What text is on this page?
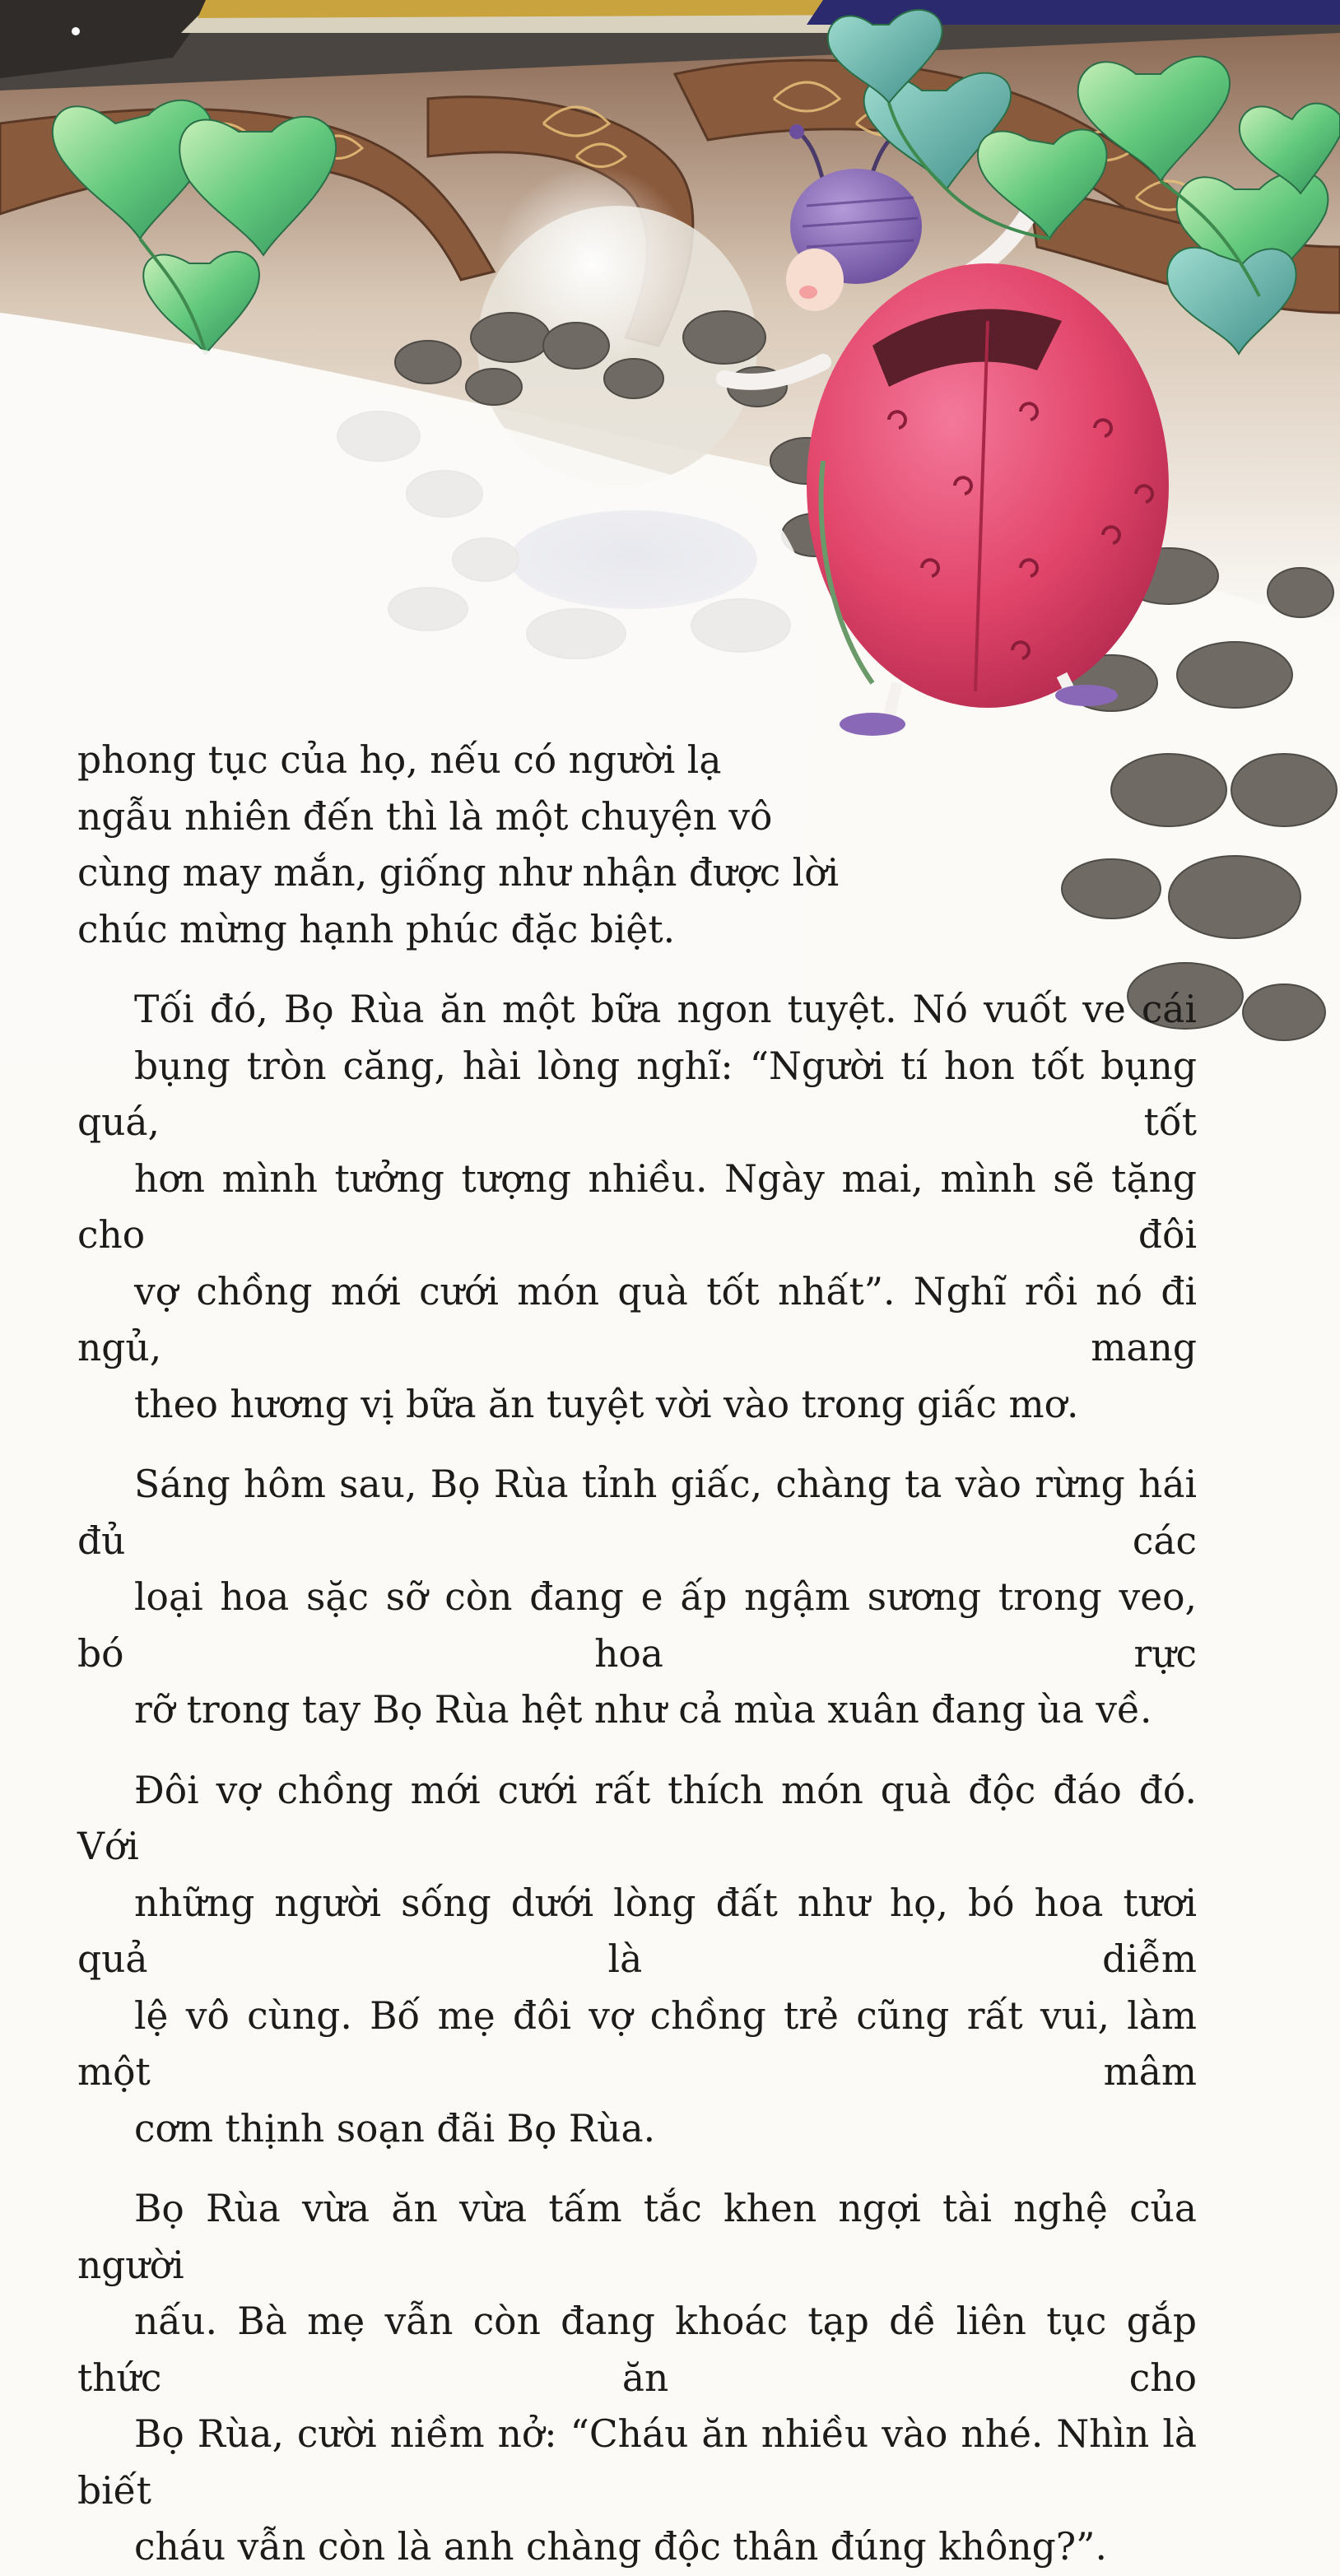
phong tục của họ, nếu có người lạ
ngẫu nhiên đến thì là một chuyện vô
cùng may mắn, giống như nhận được lời
chúc mừng hạnh phúc đặc biệt.

Tối đó, Bọ Rùa ăn một bữa ngon tuyệt. Nó vuốt ve cái
bụng tròn căng, hài lòng nghĩ: “Người tí hon tốt bụng quá, tốt
hơn mình tưởng tượng nhiều. Ngày mai, mình sẽ tặng cho đôi
vợ chồng mới cưới món quà tốt nhất”. Nghĩ rồi nó đi ngủ, mang
theo hương vị bữa ăn tuyệt vời vào trong giấc mơ.

Sáng hôm sau, Bọ Rùa tỉnh giấc, chàng ta vào rừng hái đủ các
loại hoa sặc sỡ còn đang e ấp ngậm sương trong veo, bó hoa rực
rỡ trong tay Bọ Rùa hệt như cả mùa xuân đang ùa về.

Đôi vợ chồng mới cưới rất thích món quà độc đáo đó. Với
những người sống dưới lòng đất như họ, bó hoa tươi quả là diễm
lệ vô cùng. Bố mẹ đôi vợ chồng trẻ cũng rất vui, làm một mâm
cơm thịnh soạn đãi Bọ Rùa.

Bọ Rùa vừa ăn vừa tấm tắc khen ngợi tài nghệ của người
nấu. Bà mẹ vẫn còn đang khoác tạp dề liên tục gắp thức ăn cho
Bọ Rùa, cười niềm nở: “Cháu ăn nhiều vào nhé. Nhìn là biết
cháu vẫn còn là anh chàng độc thân đúng không?”.
